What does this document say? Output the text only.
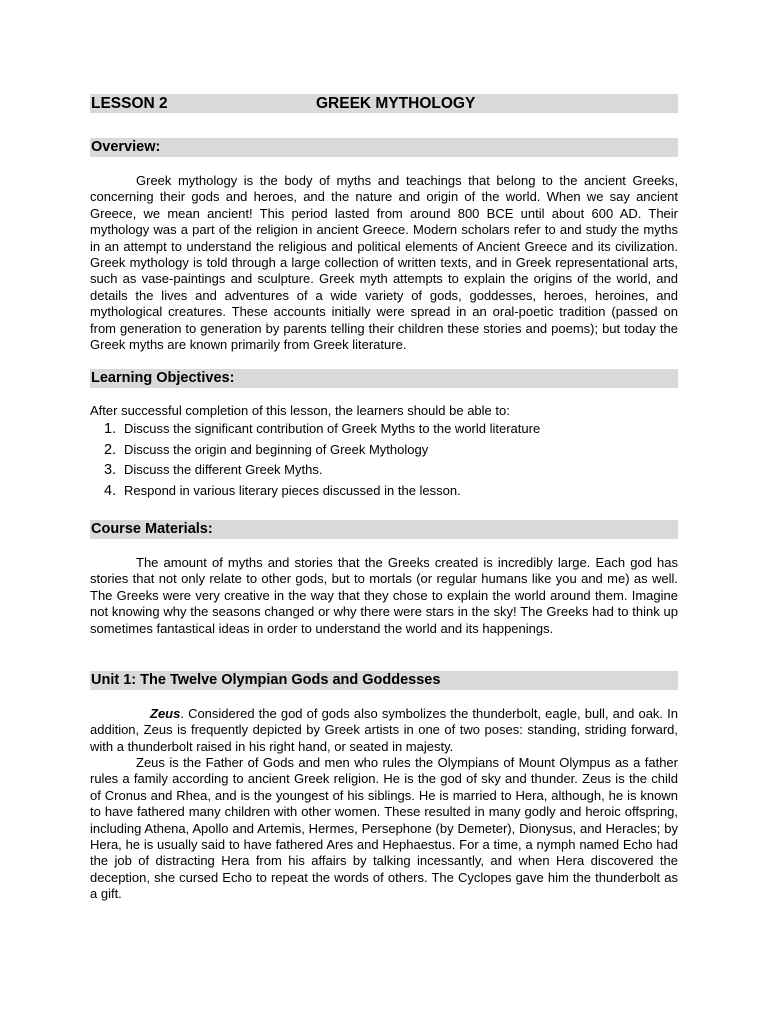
LESSON 2	GREEK MYTHOLOGY
Overview:
Greek mythology is the body of myths and teachings that belong to the ancient Greeks, concerning their gods and heroes, and the nature and origin of the world. When we say ancient Greece, we mean ancient! This period lasted from around 800 BCE until about 600 AD. Their mythology was a part of the religion in ancient Greece. Modern scholars refer to and study the myths in an attempt to understand the religious and political elements of Ancient Greece and its civilization. Greek mythology is told through a large collection of written texts, and in Greek representational arts, such as vase-paintings and sculpture. Greek myth attempts to explain the origins of the world, and details the lives and adventures of a wide variety of gods, goddesses, heroes, heroines, and mythological creatures. These accounts initially were spread in an oral-poetic tradition (passed on from generation to generation by parents telling their children these stories and poems); but today the Greek myths are known primarily from Greek literature.
Learning Objectives:
After successful completion of this lesson, the learners should be able to:
1. Discuss the significant contribution of Greek Myths to the world literature
2. Discuss the origin and beginning of Greek Mythology
3. Discuss the different Greek Myths.
4. Respond in various literary pieces discussed in the lesson.
Course Materials:
The amount of myths and stories that the Greeks created is incredibly large. Each god has stories that not only relate to other gods, but to mortals (or regular humans like you and me) as well. The Greeks were very creative in the way that they chose to explain the world around them. Imagine not knowing why the seasons changed or why there were stars in the sky! The Greeks had to think up sometimes fantastical ideas in order to understand the world and its happenings.
Unit 1: The Twelve Olympian Gods and Goddesses
Zeus. Considered the god of gods also symbolizes the thunderbolt, eagle, bull, and oak. In addition, Zeus is frequently depicted by Greek artists in one of two poses: standing, striding forward, with a thunderbolt raised in his right hand, or seated in majesty.
Zeus is the Father of Gods and men who rules the Olympians of Mount Olympus as a father rules a family according to ancient Greek religion. He is the god of sky and thunder. Zeus is the child of Cronus and Rhea, and is the youngest of his siblings. He is married to Hera, although, he is known to have fathered many children with other women. These resulted in many godly and heroic offspring, including Athena, Apollo and Artemis, Hermes, Persephone (by Demeter), Dionysus, and Heracles; by Hera, he is usually said to have fathered Ares and Hephaestus. For a time, a nymph named Echo had the job of distracting Hera from his affairs by talking incessantly, and when Hera discovered the deception, she cursed Echo to repeat the words of others. The Cyclopes gave him the thunderbolt as a gift.
